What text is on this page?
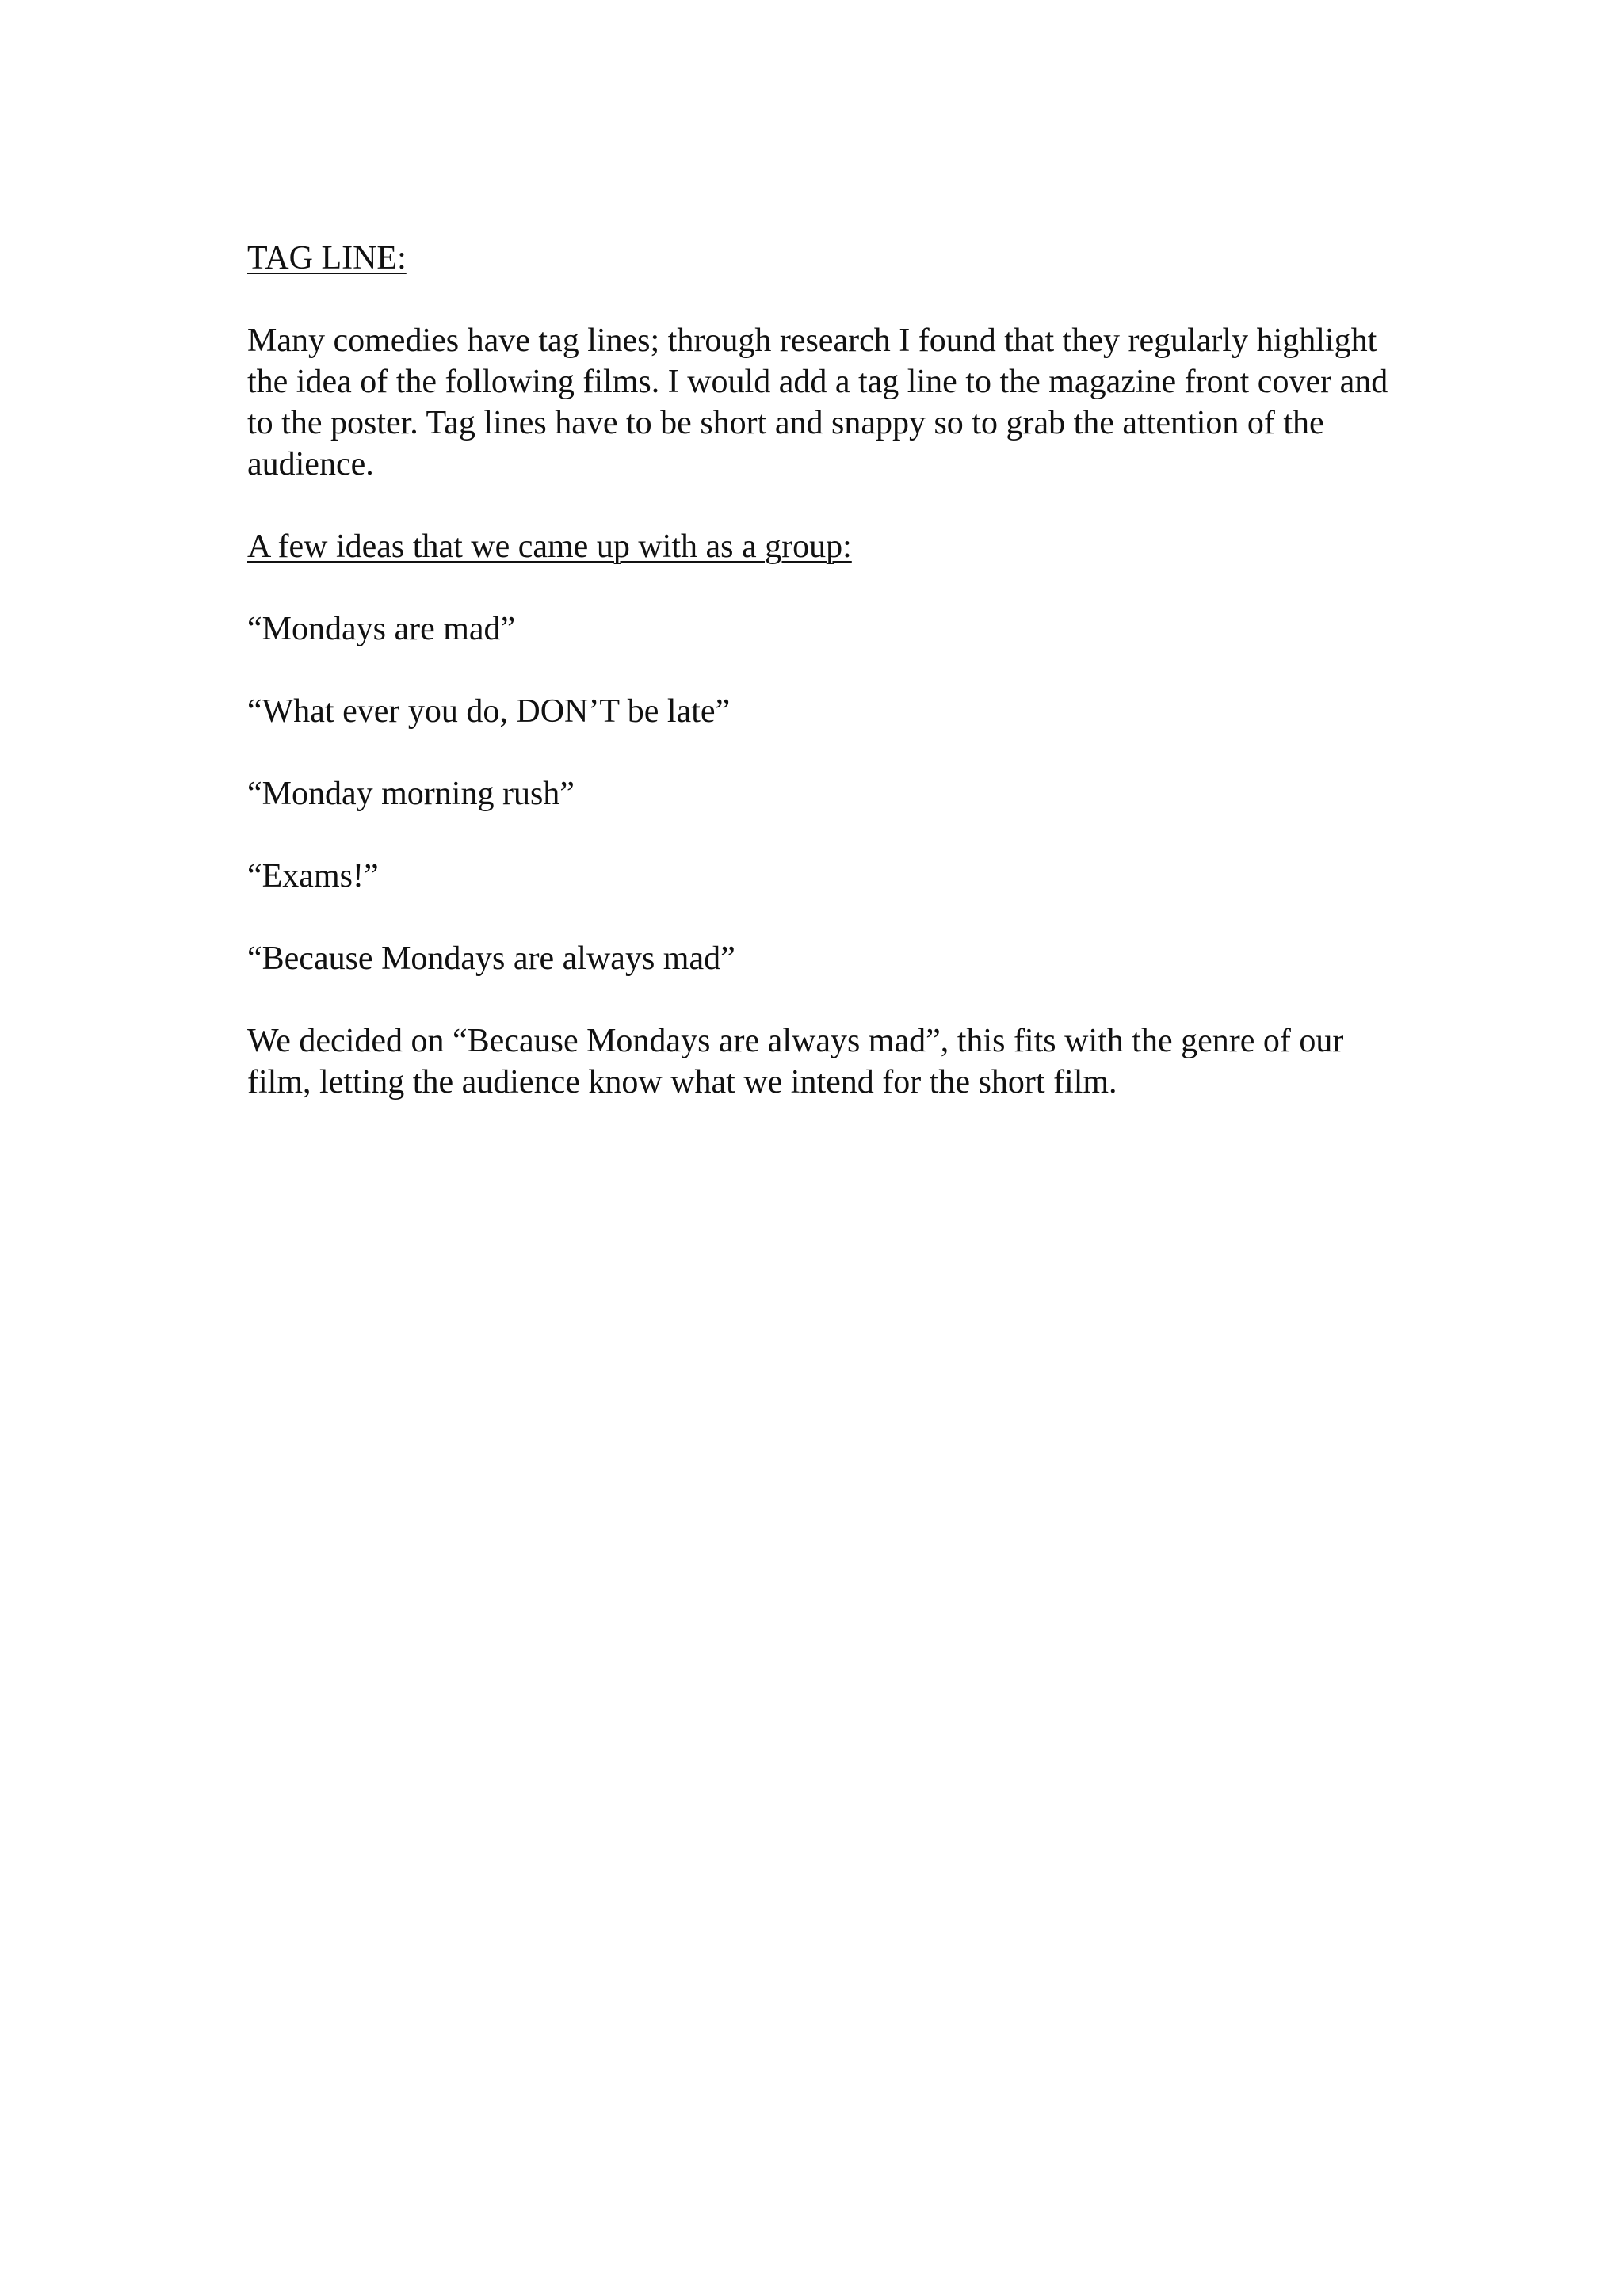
TAG LINE:

Many comedies have tag lines; through research I found that they regularly highlight the idea of the following films. I would add a tag line to the magazine front cover and to the poster. Tag lines have to be short and snappy so to grab the attention of the audience.

A few ideas that we came up with as a group:
“Mondays are mad”
“What ever you do, DON’T be late”
“Monday morning rush”
“Exams!”
“Because Mondays are always mad”

We decided on “Because Mondays are always mad”, this fits with the genre of our film, letting the audience know what we intend for the short film.
